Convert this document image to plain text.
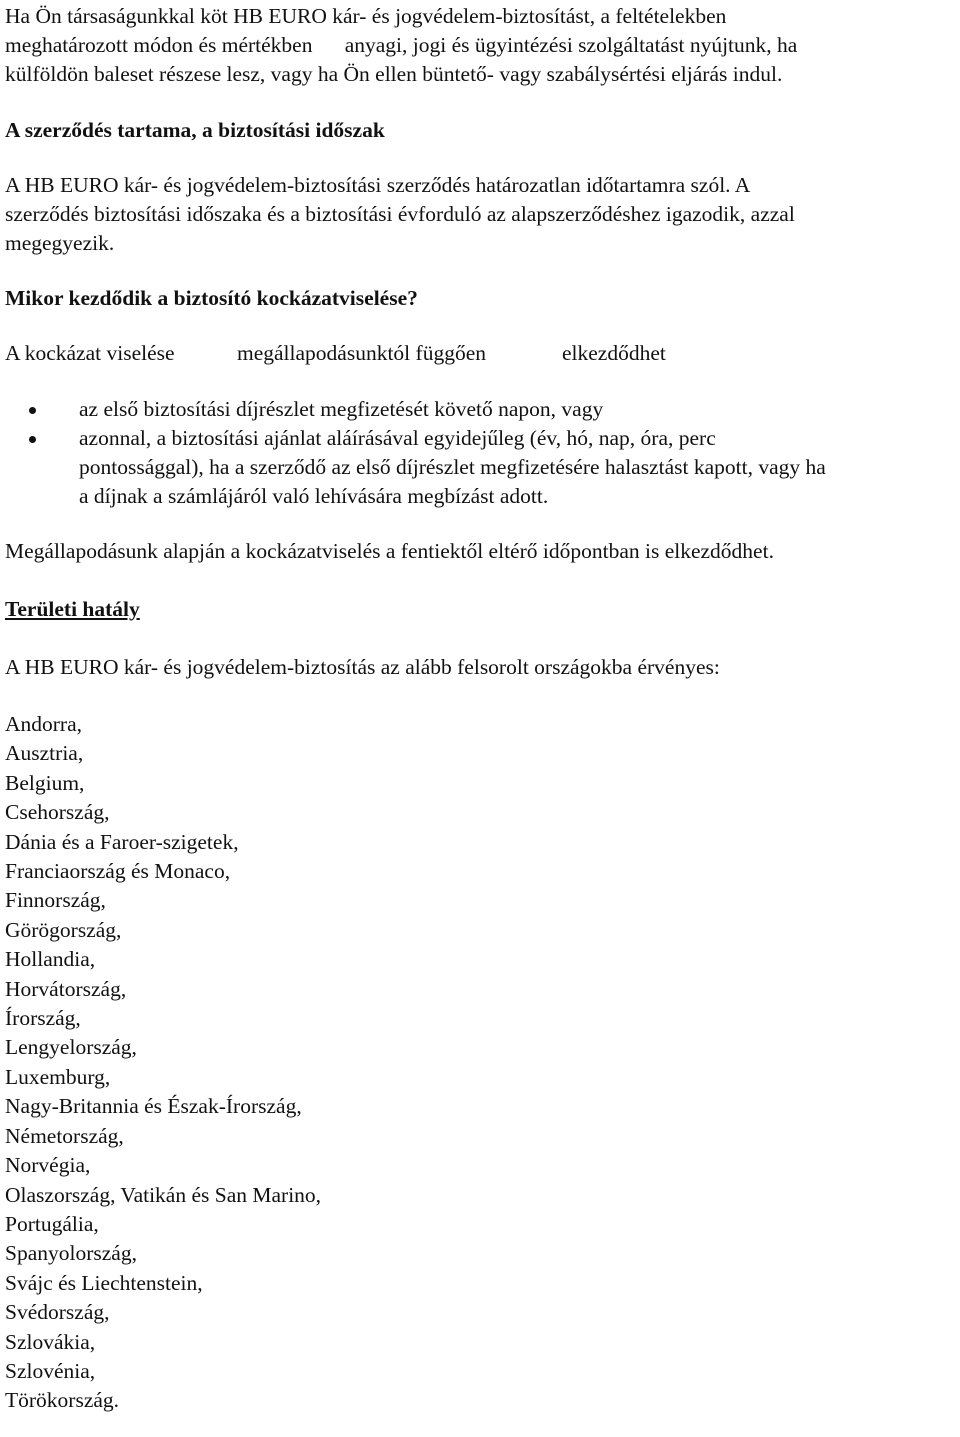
Ha Ön társaságunkkal köt HB EURO kár- és jogvédelem-biztosítást, a feltételekben
meghatározott módon és mértékben      anyagi, jogi és ügyintézési szolgáltatást nyújtunk, ha
külföldön baleset részese lesz, vagy ha Ön ellen büntető- vagy szabálysértési eljárás indul.

A szerződés tartama, a biztosítási időszak

A HB EURO kár- és jogvédelem-biztosítási szerződés határozatlan időtartamra szól. A
szerződés biztosítási időszaka és a biztosítási évforduló az alapszerződéshez igazodik, azzal
megegyezik.

Mikor kezdődik a biztosító kockázatviselése?

A kockázat viselése	megállapodásunktól függően	elkezdődhet

az első biztosítási díjrészlet megfizetését követő napon, vagy
azonnal, a biztosítási ajánlat aláírásával egyidejűleg (év, hó, nap, óra, perc
pontossággal), ha a szerződő az első díjrészlet megfizetésére halasztást kapott, vagy ha
a díjnak a számlájáról való lehívására megbízást adott.

Megállapodásunk alapján a kockázatviselés a fentiektől eltérő időpontban is elkezdődhet.

Területi hatály

A HB EURO kár- és jogvédelem-biztosítás az alább felsorolt országokba érvényes:

Andorra,
Ausztria,
Belgium,
Csehország,
Dánia és a Faroer-szigetek,
Franciaország és Monaco,
Finnország,
Görögország,
Hollandia,
Horvátország,
Írország,
Lengyelország,
Luxemburg,
Nagy-Britannia és Észak-Írország,
Németország,
Norvégia,
Olaszország, Vatikán és San Marino,
Portugália,
Spanyolország,
Svájc és Liechtenstein,
Svédország,
Szlovákia,
Szlovénia,
Törökország.
